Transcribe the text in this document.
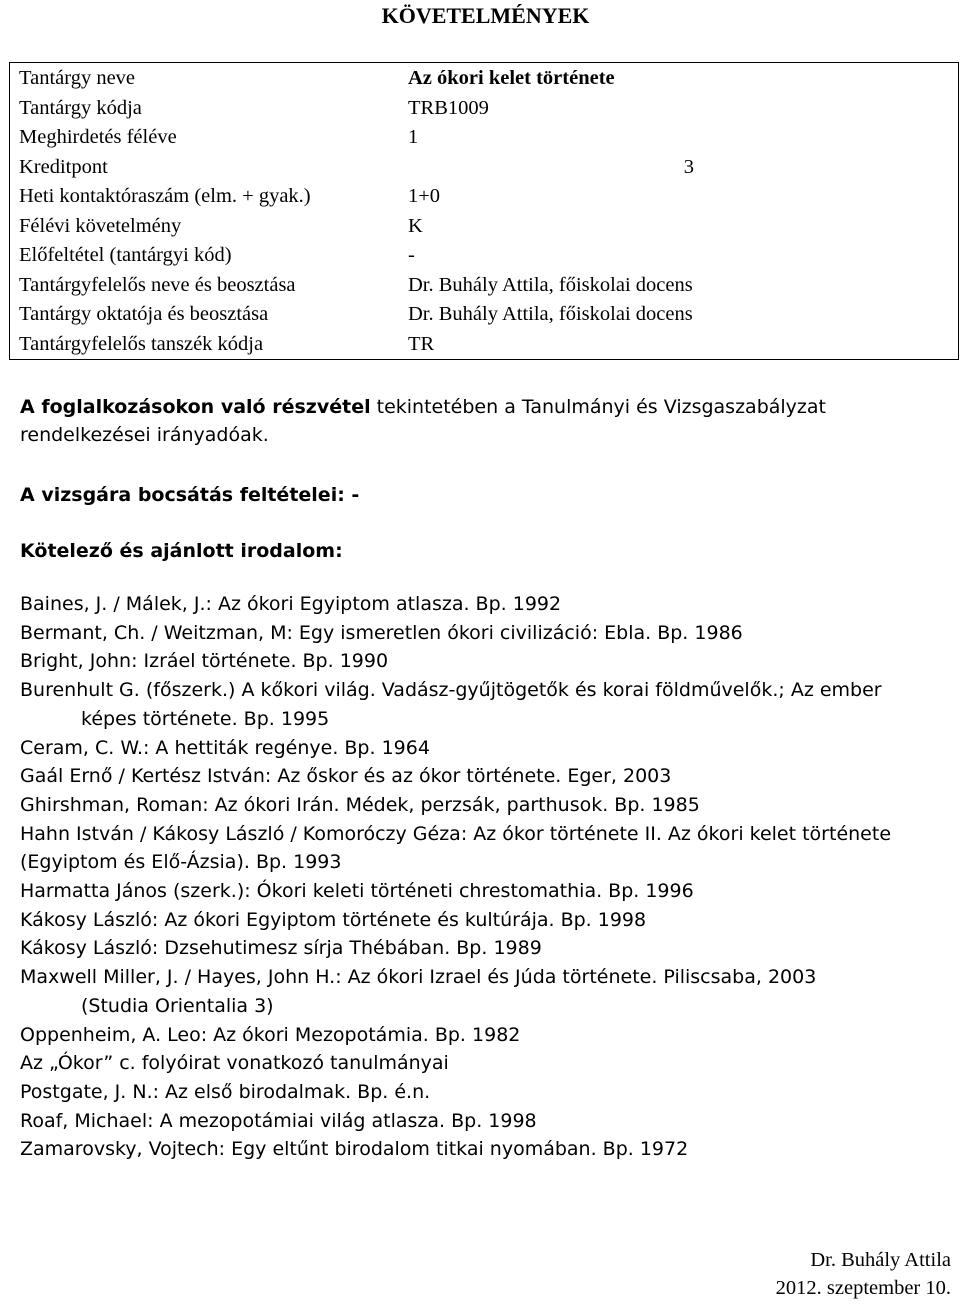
KÖVETELMÉNYEK
Tantárgy neve	Az ókori kelet története
Tantárgy kódja	TRB1009
Meghirdetés féléve	1
Kreditpont	3
Heti kontaktóraszám (elm. + gyak.)	1+0
Félévi követelmény	K
Előfeltétel (tantárgyi kód)	-
Tantárgyfelelős neve és beosztása	Dr. Buhály Attila, főiskolai docens
Tantárgy oktatója és beosztása	Dr. Buhály Attila, főiskolai docens
Tantárgyfelelős tanszék kódja	TR
A foglalkozásokon való részvétel tekintetében a Tanulmányi és Vizsgaszabályzat
rendelkezései irányadóak.
A vizsgára bocsátás feltételei: -
Kötelező és ajánlott irodalom:
Baines, J. / Málek, J.: Az ókori Egyiptom atlasza. Bp. 1992
Bermant, Ch. / Weitzman, M: Egy ismeretlen ókori civilizáció: Ebla. Bp. 1986
Bright, John: Izráel története. Bp. 1990
Burenhult G. (főszerk.) A kőkori világ. Vadász-gyűjtögetők és korai földművelők.; Az ember
képes története. Bp. 1995
Ceram, C. W.: A hettiták regénye. Bp. 1964
Gaál Ernő / Kertész István: Az őskor és az ókor története. Eger, 2003
Ghirshman, Roman: Az ókori Irán. Médek, perzsák, parthusok. Bp. 1985
Hahn István / Kákosy László / Komoróczy Géza: Az ókor története II. Az ókori kelet története
(Egyiptom és Elő-Ázsia). Bp. 1993
Harmatta János (szerk.): Ókori keleti történeti chrestomathia. Bp. 1996
Kákosy László: Az ókori Egyiptom története és kultúrája. Bp. 1998
Kákosy László: Dzsehutimesz sírja Thébában. Bp. 1989
Maxwell Miller, J. / Hayes, John H.: Az ókori Izrael és Júda története. Piliscsaba, 2003
(Studia Orientalia 3)
Oppenheim, A. Leo: Az ókori Mezopotámia. Bp. 1982
Az „Ókor” c. folyóirat vonatkozó tanulmányai
Postgate, J. N.: Az első birodalmak. Bp. é.n.
Roaf, Michael: A mezopotámiai világ atlasza. Bp. 1998
Zamarovsky, Vojtech: Egy eltűnt birodalom titkai nyomában. Bp. 1972
Dr. Buhály Attila
2012. szeptember 10.
